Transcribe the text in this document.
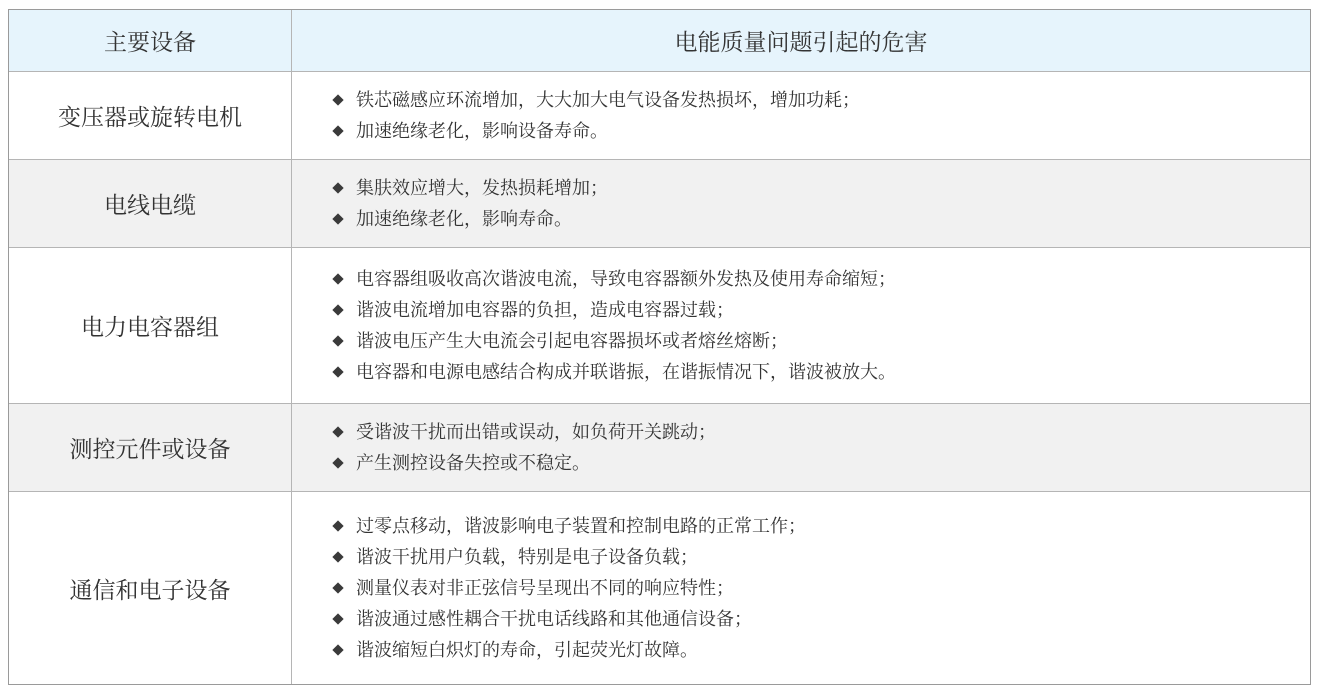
主要设备	电能质量问题引起的危害
变压器或旋转电机
铁芯磁感应环流增加，大大加大电气设备发热损坏，增加功耗；
加速绝缘老化，影响设备寿命。
电线电缆
集肤效应增大，发热损耗增加；
加速绝缘老化，影响寿命。
电力电容器组
电容器组吸收高次谐波电流，导致电容器额外发热及使用寿命缩短；
谐波电流增加电容器的负担，造成电容器过载；
谐波电压产生大电流会引起电容器损坏或者熔丝熔断；
电容器和电源电感结合构成并联谐振，在谐振情况下，谐波被放大。
测控元件或设备
受谐波干扰而出错或误动，如负荷开关跳动；
产生测控设备失控或不稳定。
通信和电子设备
过零点移动，谐波影响电子装置和控制电路的正常工作；
谐波干扰用户负载，特别是电子设备负载；
测量仪表对非正弦信号呈现出不同的响应特性；
谐波通过感性耦合干扰电话线路和其他通信设备；
谐波缩短白炽灯的寿命，引起荧光灯故障。
